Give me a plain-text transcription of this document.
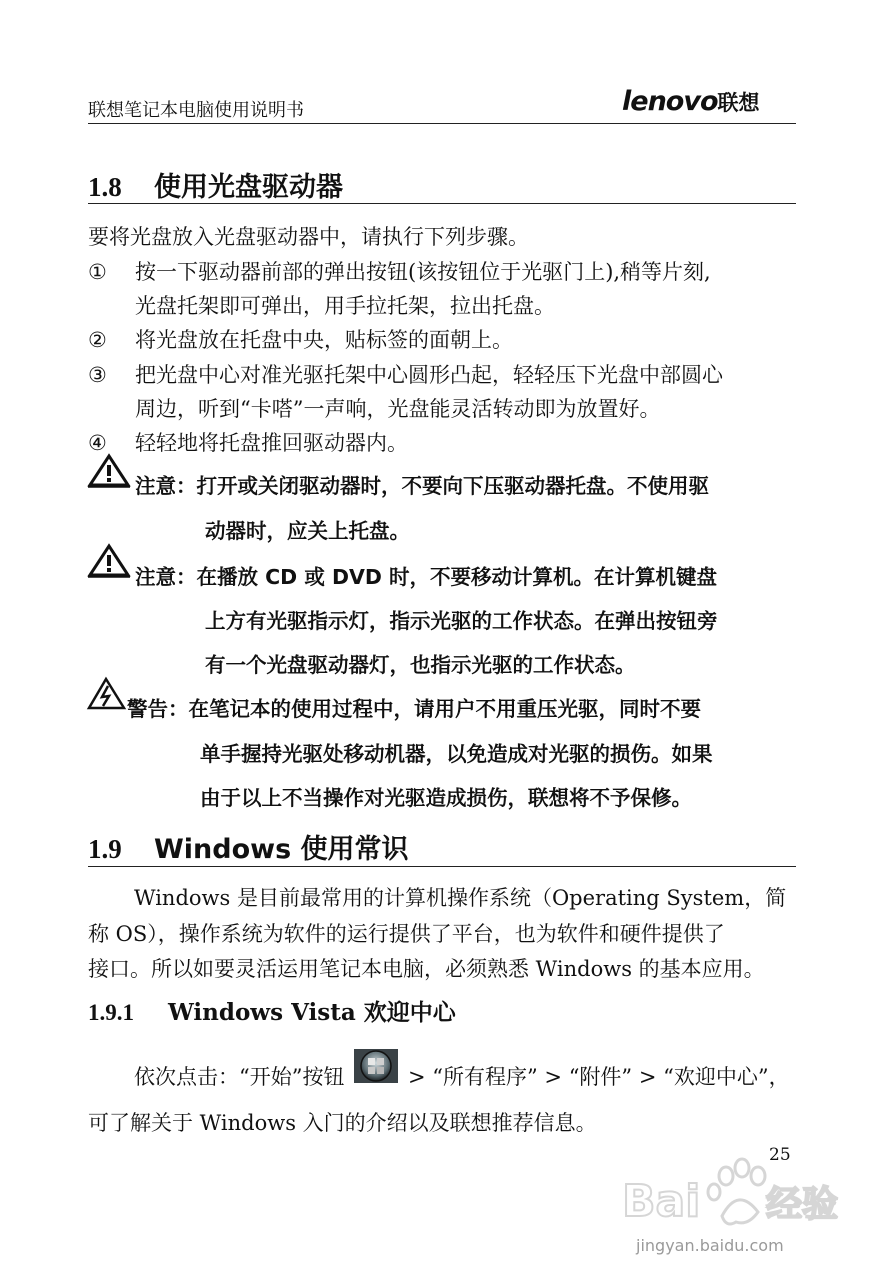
联想笔记本电脑使用说明书	lenovo联想
1.8 使用光盘驱动器
要将光盘放入光盘驱动器中，请执行下列步骤。
① 按一下驱动器前部的弹出按钮(该按钮位于光驱门上),稍等片刻,
光盘托架即可弹出，用手拉托架，拉出托盘。
② 将光盘放在托盘中央，贴标签的面朝上。
③ 把光盘中心对准光驱托架中心圆形凸起，轻轻压下光盘中部圆心
周边，听到“卡嗒”一声响，光盘能灵活转动即为放置好。
④ 轻轻地将托盘推回驱动器内。
注意：打开或关闭驱动器时，不要向下压驱动器托盘。不使用驱
动器时，应关上托盘。
注意：在播放 CD 或 DVD 时，不要移动计算机。在计算机键盘
上方有光驱指示灯，指示光驱的工作状态。在弹出按钮旁
有一个光盘驱动器灯，也指示光驱的工作状态。
警告：在笔记本的使用过程中，请用户不用重压光驱，同时不要
单手握持光驱处移动机器，以免造成对光驱的损伤。如果
由于以上不当操作对光驱造成损伤，联想将不予保修。
1.9 Windows 使用常识
Windows 是目前最常用的计算机操作系统（Operating System，简
称 OS），操作系统为软件的运行提供了平台，也为软件和硬件提供了
接口。所以如要灵活运用笔记本电脑，必须熟悉 Windows 的基本应用。
1.9.1 Windows Vista 欢迎中心
依次点击：“开始”按钮	> “所有程序” > “附件” > “欢迎中心”，
可了解关于 Windows 入门的介绍以及联想推荐信息。
25
Bai 经验
jingyan.baidu.com
